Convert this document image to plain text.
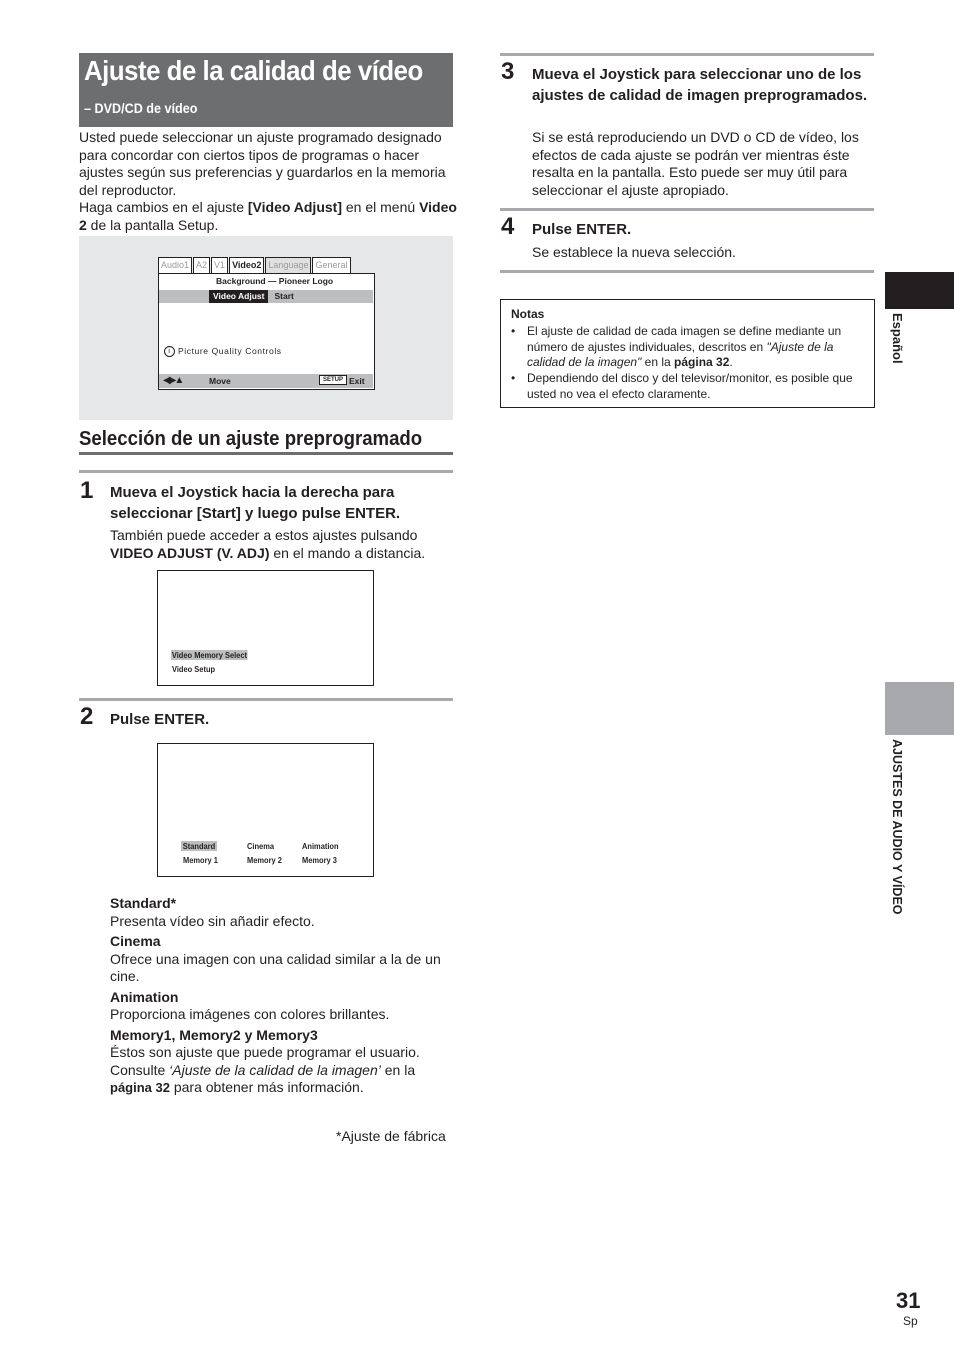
Ajuste de la calidad de vídeo
– DVD/CD de vídeo

Usted puede seleccionar un ajuste programado designado para concordar con ciertos tipos de programas o hacer ajustes según sus preferencias y guardarlos en la memoria del reproductor.

Haga cambios en el ajuste [Video Adjust] en el menú Video 2 de la pantalla Setup.

Audio1 A2 V1 Video2 Language General
Background — Pioneer Logo
Video Adjust Start
i Picture Quality Controls
◀▶▲	Move	SETUP Exit
Selección de un ajuste preprogramado
1 Mueva el Joystick hacia la derecha para seleccionar [Start] y luego pulse ENTER.
También puede acceder a estos ajustes pulsando VIDEO ADJUST (V. ADJ) en el mando a distancia.
Video Memory Select
Video Setup
2 Pulse ENTER.
Standard	Cinema	Animation
Memory 1	Memory 2 Memory 3
Standard*
Presenta vídeo sin añadir efecto.
Cinema
Ofrece una imagen con una calidad similar a la de un cine.
Animation
Proporciona imágenes con colores brillantes.
Memory1, Memory2 y Memory3
Éstos son ajuste que puede programar el usuario. Consulte ‘Ajuste de la calidad de la imagen’ en la página 32 para obtener más información.
*Ajuste de fábrica
3 Mueva el Joystick para seleccionar uno de los ajustes de calidad de imagen preprogramados.
Si se está reproduciendo un DVD o CD de vídeo, los efectos de cada ajuste se podrán ver mientras éste resalta en la pantalla. Esto puede ser muy útil para seleccionar el ajuste apropiado.
4 Pulse ENTER.
Se establece la nueva selección.
Notas
• El ajuste de calidad de cada imagen se define mediante un número de ajustes individuales, descritos en "Ajuste de la calidad de la imagen" en la página 32.
• Dependiendo del disco y del televisor/monitor, es posible que usted no vea el efecto claramente.
Español
AJUSTES DE AUDIO Y VÍDEO
31
Sp
